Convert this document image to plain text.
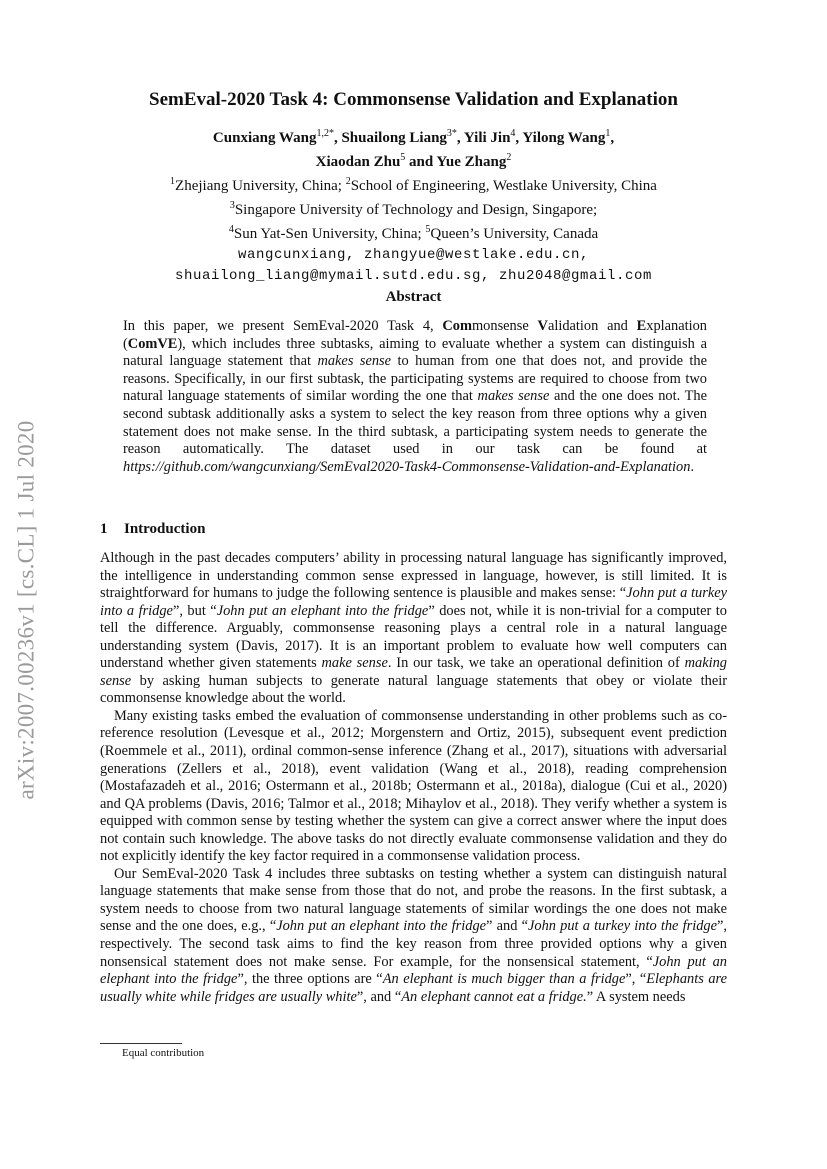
arXiv:2007.00236v1 [cs.CL] 1 Jul 2020
SemEval-2020 Task 4: Commonsense Validation and Explanation
Cunxiang Wang$^{1,2*}$, Shuailong Liang$^{3*}$, Yili Jin$^4$, Yilong Wang$^1$,
Xiaodan Zhu$^5$ and Yue Zhang$^2$
$^1$Zhejiang University, China; $^2$School of Engineering, Westlake University, China
$^3$Singapore University of Technology and Design, Singapore;
$^4$Sun Yat-Sen University, China; $^5$Queen’s University, Canada
wangcunxiang, zhangyue@westlake.edu.cn,
shuailong_liang@mymail.sutd.edu.sg, zhu2048@gmail.com
Abstract
In this paper, we present SemEval-2020 Task 4, Commonsense Validation and Explanation (ComVE), which includes three subtasks, aiming to evaluate whether a system can distinguish a natural language statement that makes sense to human from one that does not, and provide the reasons. Specifically, in our first subtask, the participating systems are required to choose from two natural language statements of similar wording the one that makes sense and the one does not. The second subtask additionally asks a system to select the key reason from three options why a given statement does not make sense. In the third subtask, a participating system needs to generate the reason automatically. The dataset used in our task can be found at https://github.com/wangcunxiang/SemEval2020-Task4-Commonsense-Validation-and-Explanation.
1 Introduction

Although in the past decades computers’ ability in processing natural language has significantly improved, the intelligence in understanding common sense expressed in language, however, is still limited. It is straightforward for humans to judge the following sentence is plausible and makes sense: “John put a turkey into a fridge”, but “John put an elephant into the fridge” does not, while it is non-trivial for a computer to tell the difference. Arguably, commonsense reasoning plays a central role in a natural language understanding system (Davis, 2017). It is an important problem to evaluate how well computers can understand whether given statements make sense. In our task, we take an operational definition of making sense by asking human subjects to generate natural language statements that obey or violate their commonsense knowledge about the world.

Many existing tasks embed the evaluation of commonsense understanding in other problems such as co-reference resolution (Levesque et al., 2012; Morgenstern and Ortiz, 2015), subsequent event prediction (Roemmele et al., 2011), ordinal common-sense inference (Zhang et al., 2017), situations with adversarial generations (Zellers et al., 2018), event validation (Wang et al., 2018), reading comprehension (Mostafazadeh et al., 2016; Ostermann et al., 2018b; Ostermann et al., 2018a), dialogue (Cui et al., 2020) and QA problems (Davis, 2016; Talmor et al., 2018; Mihaylov et al., 2018). They verify whether a system is equipped with common sense by testing whether the system can give a correct answer where the input does not contain such knowledge. The above tasks do not directly evaluate commonsense validation and they do not explicitly identify the key factor required in a commonsense validation process.

Our SemEval-2020 Task 4 includes three subtasks on testing whether a system can distinguish natural language statements that make sense from those that do not, and probe the reasons. In the first subtask, a system needs to choose from two natural language statements of similar wordings the one does not make sense and the one does, e.g., “John put an elephant into the fridge” and “John put a turkey into the fridge”, respectively. The second task aims to find the key reason from three provided options why a given nonsensical statement does not make sense. For example, for the nonsensical statement, “John put an elephant into the fridge”, the three options are “An elephant is much bigger than a fridge”, “Elephants are usually white while fridges are usually white”, and “An elephant cannot eat a fridge.” A system needs

Equal contribution
